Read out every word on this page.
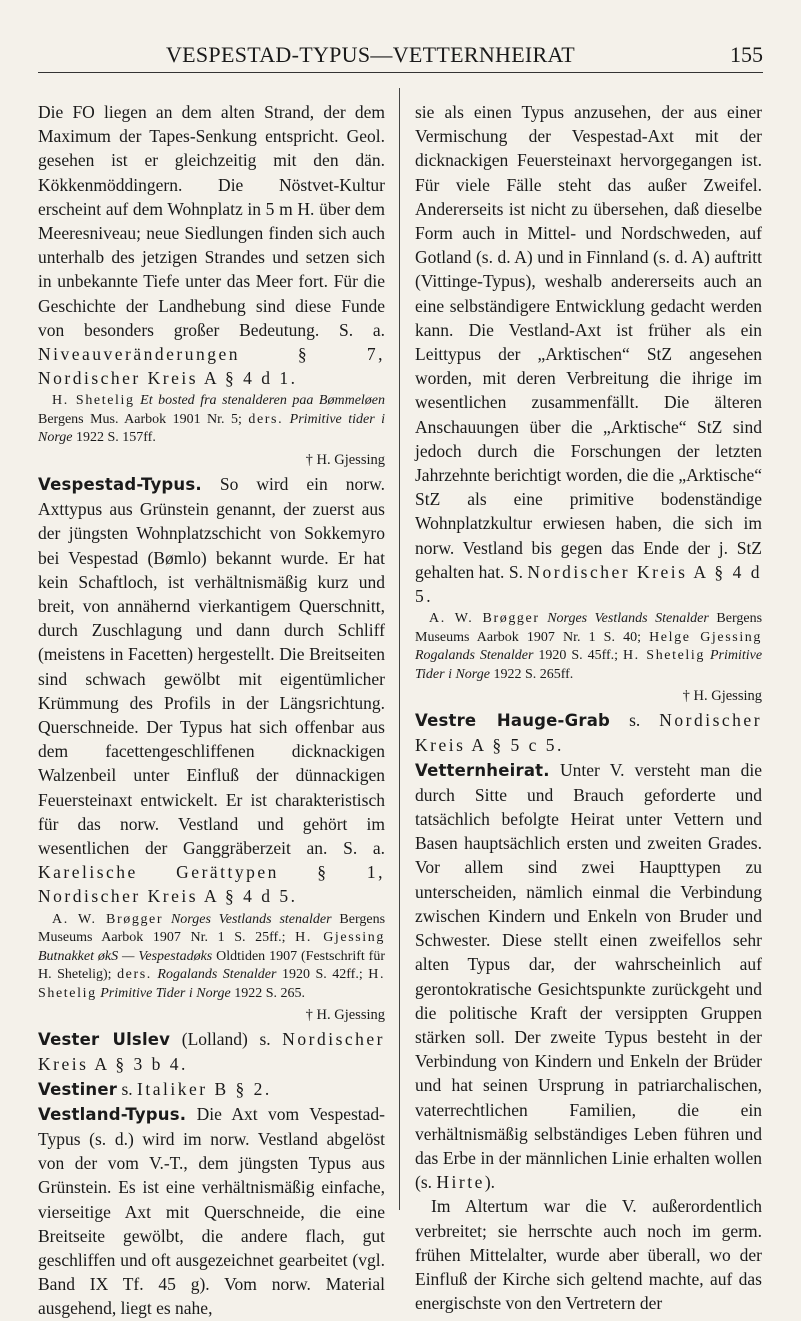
VESPESTAD-TYPUS—VETTERNHEIRAT	155

Die FO liegen an dem alten Strand, der dem Maximum der Tapes-Senkung entspricht. Geol. gesehen ist er gleichzeitig mit den dän. Kökkenmöddingern. Die Nöstvet-Kultur erscheint auf dem Wohnplatz in 5 m H. über dem Meeresniveau; neue Siedlungen finden sich auch unterhalb des jetzigen Strandes und setzen sich in unbekannte Tiefe unter das Meer fort. Für die Geschichte der Landhebung sind diese Funde von besonders großer Bedeutung. S. a. Niveauveränderungen § 7, Nordischer Kreis A § 4 d 1.

H. Shetelig Et bosted fra stenalderen paa Bømmeløen Bergens Mus. Aarbok 1901 Nr. 5; ders. Primitive tider i Norge 1922 S. 157ff.

† H. Gjessing

Vespestad-Typus. So wird ein norw. Axttypus aus Grünstein genannt, der zuerst aus der jüngsten Wohnplatzschicht von Sokkemyro bei Vespestad (Bømlo) bekannt wurde. Er hat kein Schaftloch, ist verhältnismäßig kurz und breit, von annähernd vierkantigem Querschnitt, durch Zuschlagung und dann durch Schliff (meistens in Facetten) hergestellt. Die Breitseiten sind schwach gewölbt mit eigentümlicher Krümmung des Profils in der Längsrichtung. Querschneide. Der Typus hat sich offenbar aus dem facettengeschliffenen dicknackigen Walzenbeil unter Einfluß der dünnackigen Feuersteinaxt entwickelt. Er ist charakteristisch für das norw. Vestland und gehört im wesentlichen der Ganggräberzeit an. S. a. Karelische Gerättypen § 1, Nordischer Kreis A § 4 d 5.

A. W. Brøgger Norges Vestlands stenalder Bergens Museums Aarbok 1907 Nr. 1 S. 25ff.; H. Gjessing Butnakket økS — Vespestadøks Oldtiden 1907 (Festschrift für H. Shetelig); ders. Rogalands Stenalder 1920 S. 42ff.; H. Shetelig Primitive Tider i Norge 1922 S. 265.

† H. Gjessing

Vester Ulslev (Lolland) s. Nordischer Kreis A § 3 b 4.

Vestiner s. Italiker B § 2.

Vestland-Typus. Die Axt vom Vespestad-Typus (s. d.) wird im norw. Vestland abgelöst von der vom V.-T., dem jüngsten Typus aus Grünstein. Es ist eine verhältnismäßig einfache, vierseitige Axt mit Querschneide, die eine Breitseite gewölbt, die andere flach, gut geschliffen und oft ausgezeichnet gearbeitet (vgl. Band IX Tf. 45 g). Vom norw. Material ausgehend, liegt es nahe,

sie als einen Typus anzusehen, der aus einer Vermischung der Vespestad-Axt mit der dicknackigen Feuersteinaxt hervorgegangen ist. Für viele Fälle steht das außer Zweifel. Andererseits ist nicht zu übersehen, daß dieselbe Form auch in Mittel- und Nordschweden, auf Gotland (s. d. A) und in Finnland (s. d. A) auftritt (Vittinge-Typus), weshalb andererseits auch an eine selbständigere Entwicklung gedacht werden kann. Die Vestland-Axt ist früher als ein Leittypus der „Arktischen“ StZ angesehen worden, mit deren Verbreitung die ihrige im wesentlichen zusammenfällt. Die älteren Anschauungen über die „Arktische“ StZ sind jedoch durch die Forschungen der letzten Jahrzehnte berichtigt worden, die die „Arktische“ StZ als eine primitive bodenständige Wohnplatzkultur erwiesen haben, die sich im norw. Vestland bis gegen das Ende der j. StZ gehalten hat. S. Nordischer Kreis A § 4 d 5.

A. W. Brøgger Norges Vestlands Stenalder Bergens Museums Aarbok 1907 Nr. 1 S. 40; Helge Gjessing Rogalands Stenalder 1920 S. 45ff.; H. Shetelig Primitive Tider i Norge 1922 S. 265ff.

† H. Gjessing

Vestre Hauge-Grab s. Nordischer Kreis A § 5 c 5.

Vetternheirat. Unter V. versteht man die durch Sitte und Brauch geforderte und tatsächlich befolgte Heirat unter Vettern und Basen hauptsächlich ersten und zweiten Grades. Vor allem sind zwei Haupttypen zu unterscheiden, nämlich einmal die Verbindung zwischen Kindern und Enkeln von Bruder und Schwester. Diese stellt einen zweifellos sehr alten Typus dar, der wahrscheinlich auf gerontokratische Gesichtspunkte zurückgeht und die politische Kraft der versippten Gruppen stärken soll. Der zweite Typus besteht in der Verbindung von Kindern und Enkeln der Brüder und hat seinen Ursprung in patriarchalischen, vaterrechtlichen Familien, die ein verhältnismäßig selbständiges Leben führen und das Erbe in der männlichen Linie erhalten wollen (s. Hirte).

Im Altertum war die V. außerordentlich verbreitet; sie herrschte auch noch im germ. frühen Mittelalter, wurde aber überall, wo der Einfluß der Kirche sich geltend machte, auf das energischste von den Vertretern der
